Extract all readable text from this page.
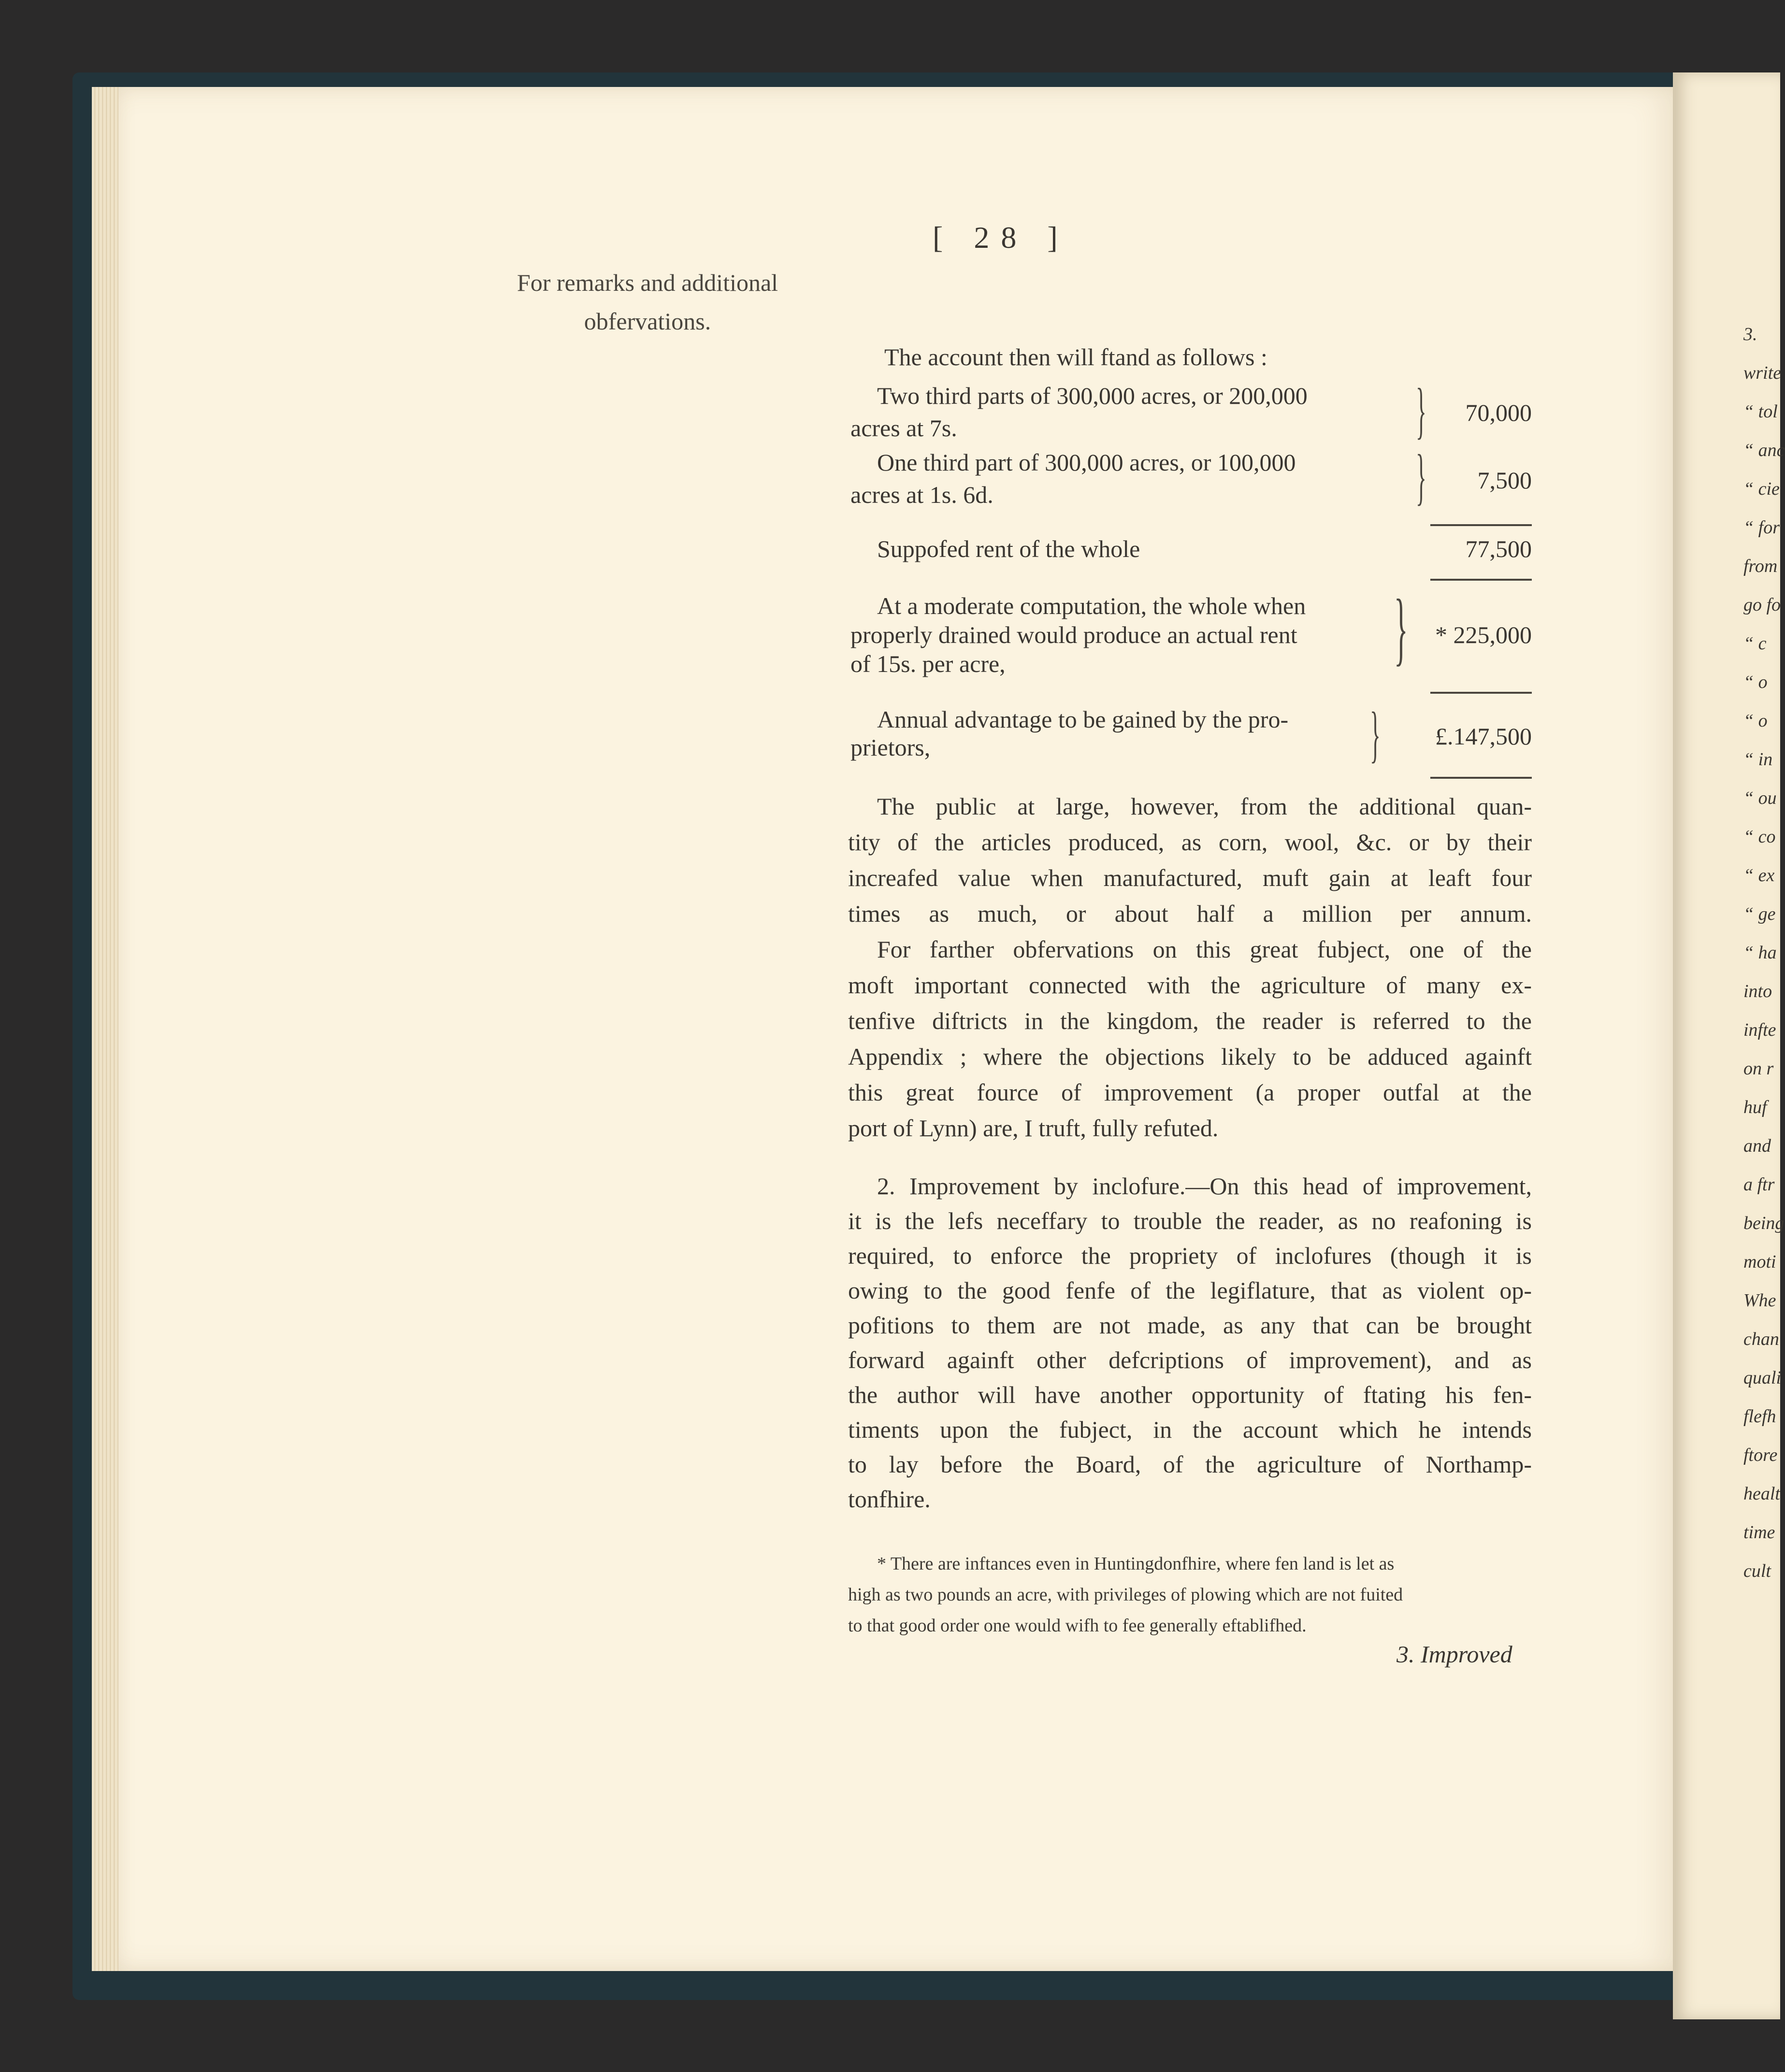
[ 28 ]
For remarks and additional obfervations.
The account then will ftand as follows :
Two third parts of 300,000 acres, or 200,000
acres at 7s.	}	70,000
One third part of 300,000 acres, or 100,000
acres at 1s. 6d.	}	7,500
Suppofed rent of the whole	77,500
At a moderate computation, the whole when
properly drained would produce an actual rent
of 15s. per acre,	}	* 225,000
Annual advantage to be gained by the pro-
prietors,	}	£.147,500
The public at large, however, from the additional quan-
tity of the articles produced, as corn, wool, &c. or by their
increafed value when manufactured, muft gain at leaft four
times as much, or about half a million per annum.
For farther obfervations on this great fubject, one of the
moft important connected with the agriculture of many ex-
tenfive diftricts in the kingdom, the reader is referred to the
Appendix ; where the objections likely to be adduced againft
this great fource of improvement (a proper outfal at the
port of Lynn) are, I truft, fully refuted.
2. Improvement by inclofure.—On this head of improvement,
it is the lefs neceffary to trouble the reader, as no reafoning is
required, to enforce the propriety of inclofures (though it is
owing to the good fenfe of the legiflature, that as violent op-
pofitions to them are not made, as any that can be brought
forward againft other defcriptions of improvement), and as
the author will have another opportunity of ftating his fen-
timents upon the fubject, in the account which he intends
to lay before the Board, of the agriculture of Northamp-
tonfhire.
* There are inftances even in Huntingdonfhire, where fen land is let as
high as two pounds an acre, with privileges of plowing which are not fuited
to that good order one would wifh to fee generally eftablifhed.
3. Improved
3.
write
“ tol
“ anc
“ cie
“ for
from
go fo
“ c
“ o
“ o
“ in
“ ou
“ co
“ ex
“ ge
“ ha
into
infte
on r
huf
and
a ftr
being
moti
Whe
chan
quali
flefh
ftore
healt
time
cult
